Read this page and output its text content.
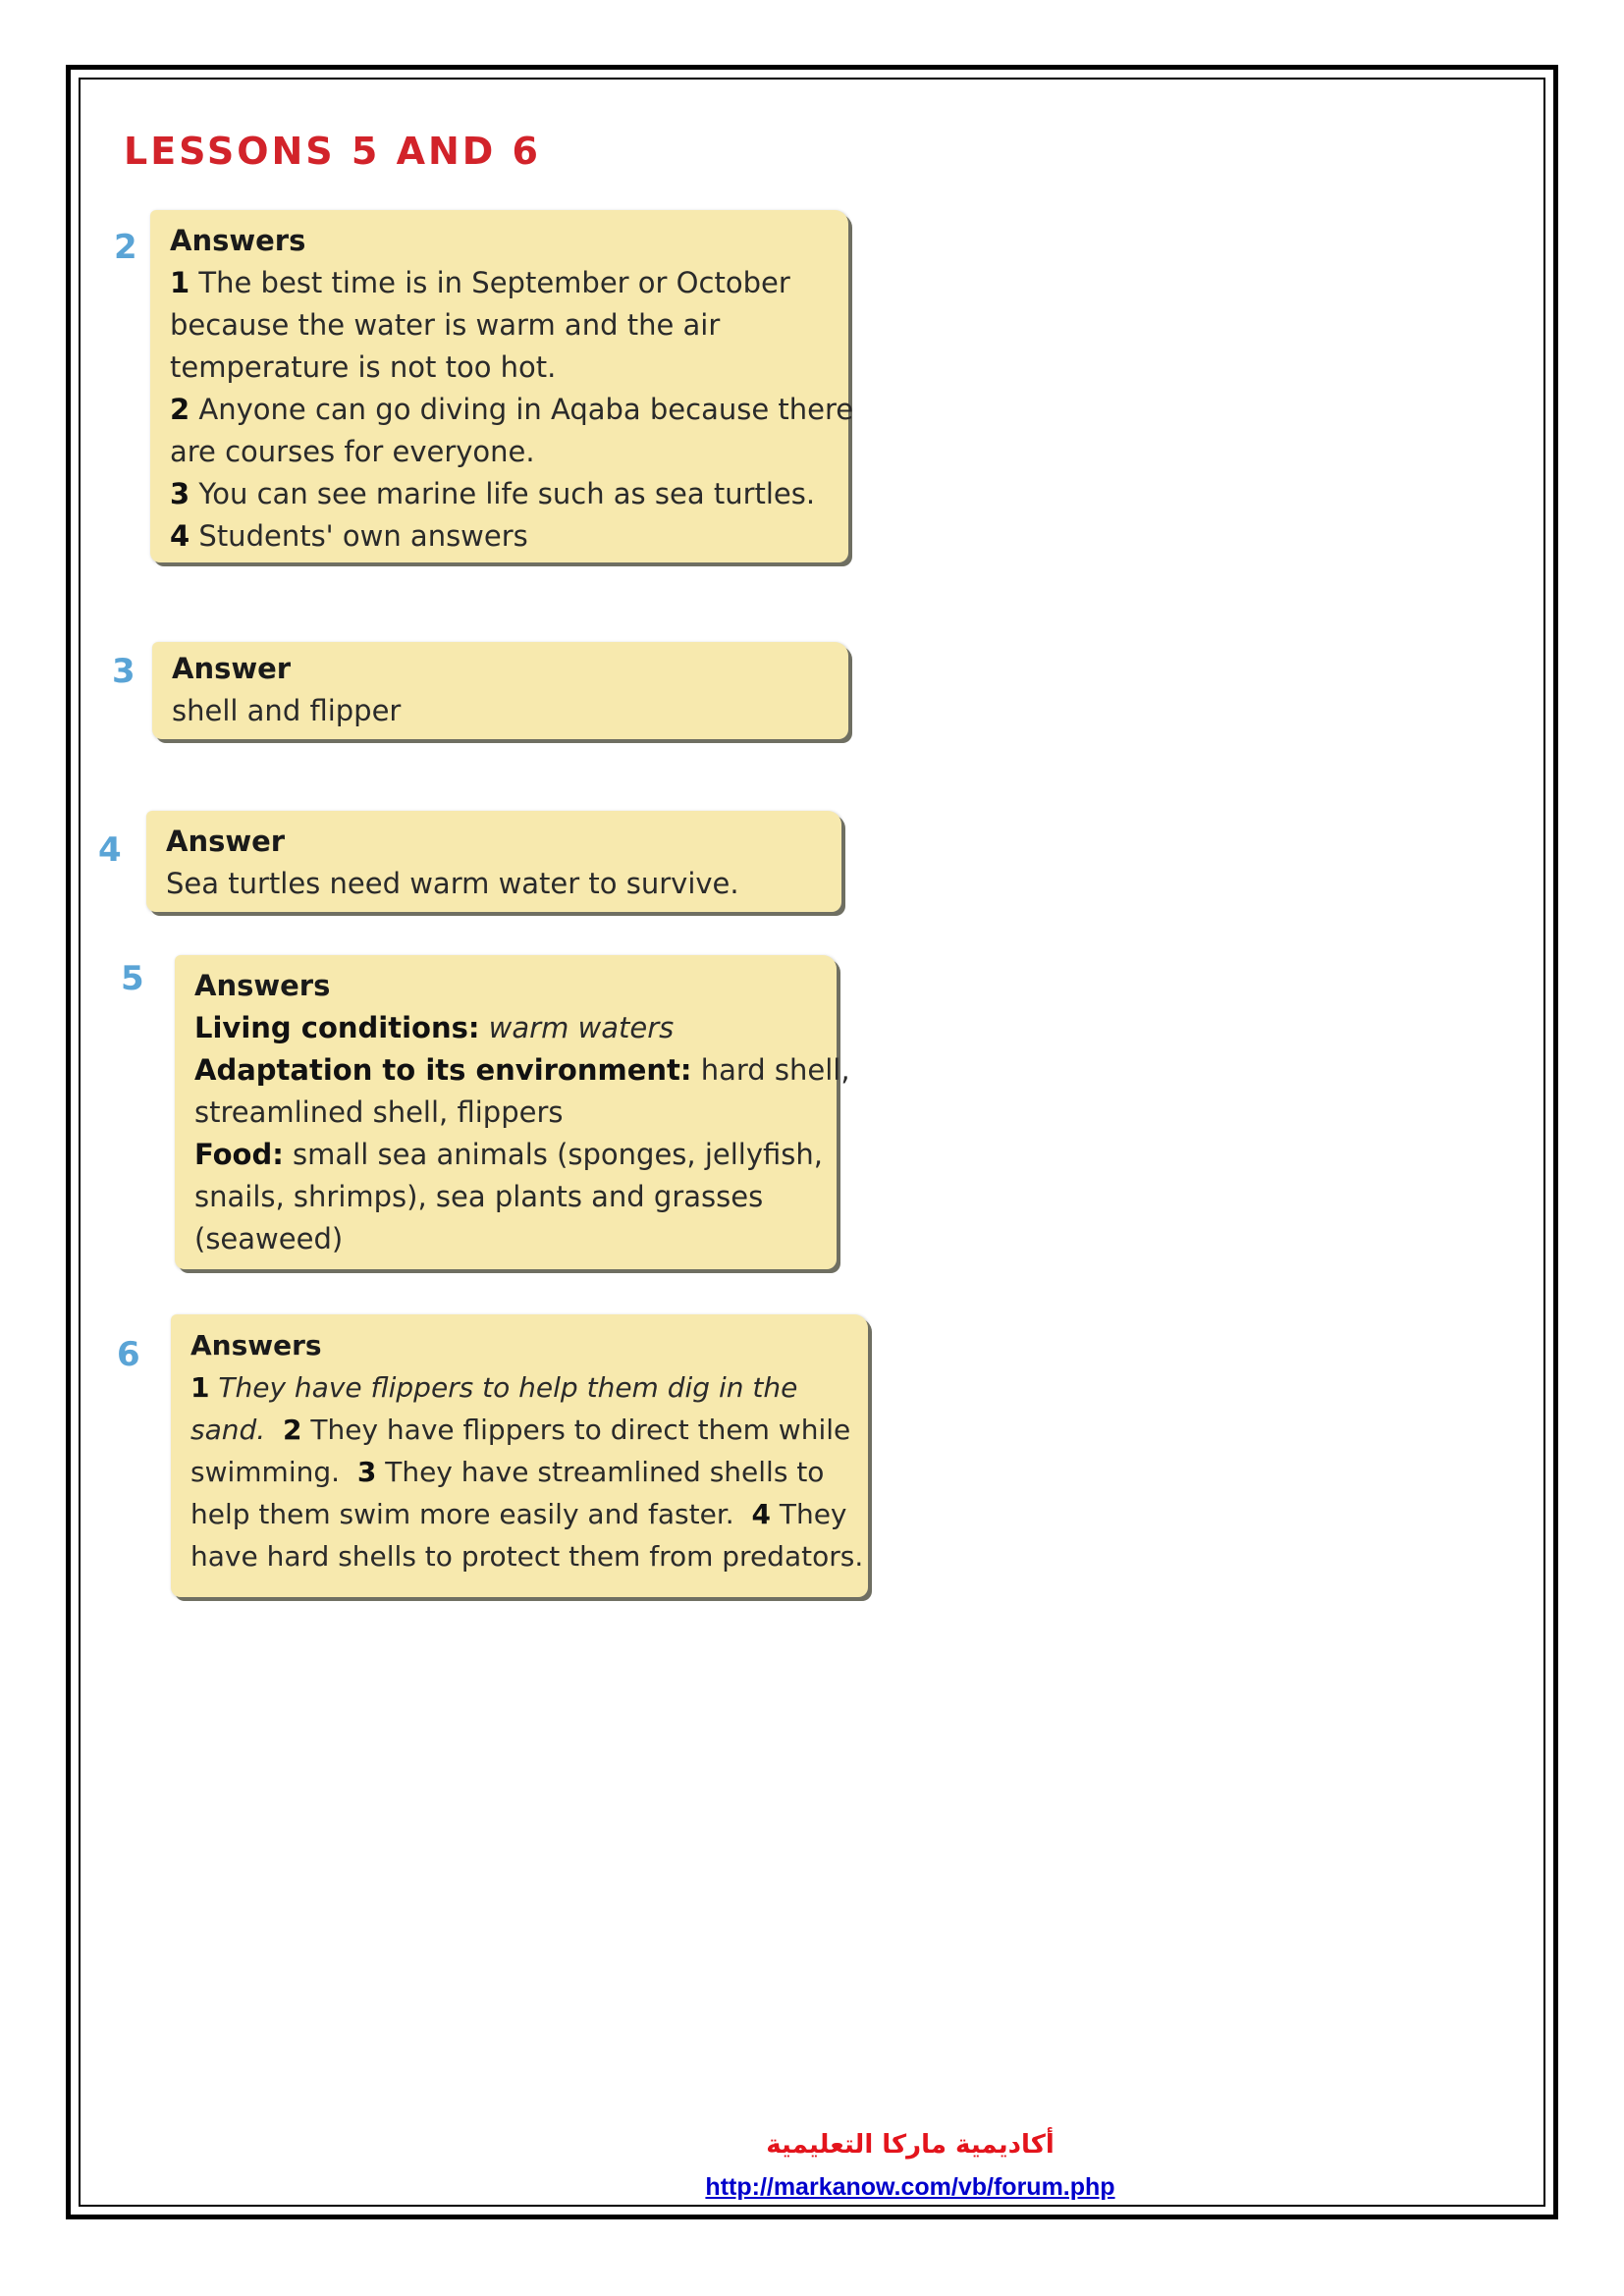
LESSONS 5 AND 6
2 Answers
1 The best time is in September or October
because the water is warm and the air
temperature is not too hot.
2 Anyone can go diving in Aqaba because there
are courses for everyone.
3 You can see marine life such as sea turtles.
4 Students' own answers
3 Answer
shell and flipper
4 Answer
Sea turtles need warm water to survive.
5 Answers
Living conditions: warm waters
Adaptation to its environment: hard shell,
streamlined shell, flippers
Food: small sea animals (sponges, jellyfish,
snails, shrimps), sea plants and grasses
(seaweed)
6 Answers
1 They have flippers to help them dig in the
sand. 2 They have flippers to direct them while
swimming. 3 They have streamlined shells to
help them swim more easily and faster. 4 They
have hard shells to protect them from predators.
أكاديمية ماركا التعليمية
http://markanow.com/vb/forum.php
